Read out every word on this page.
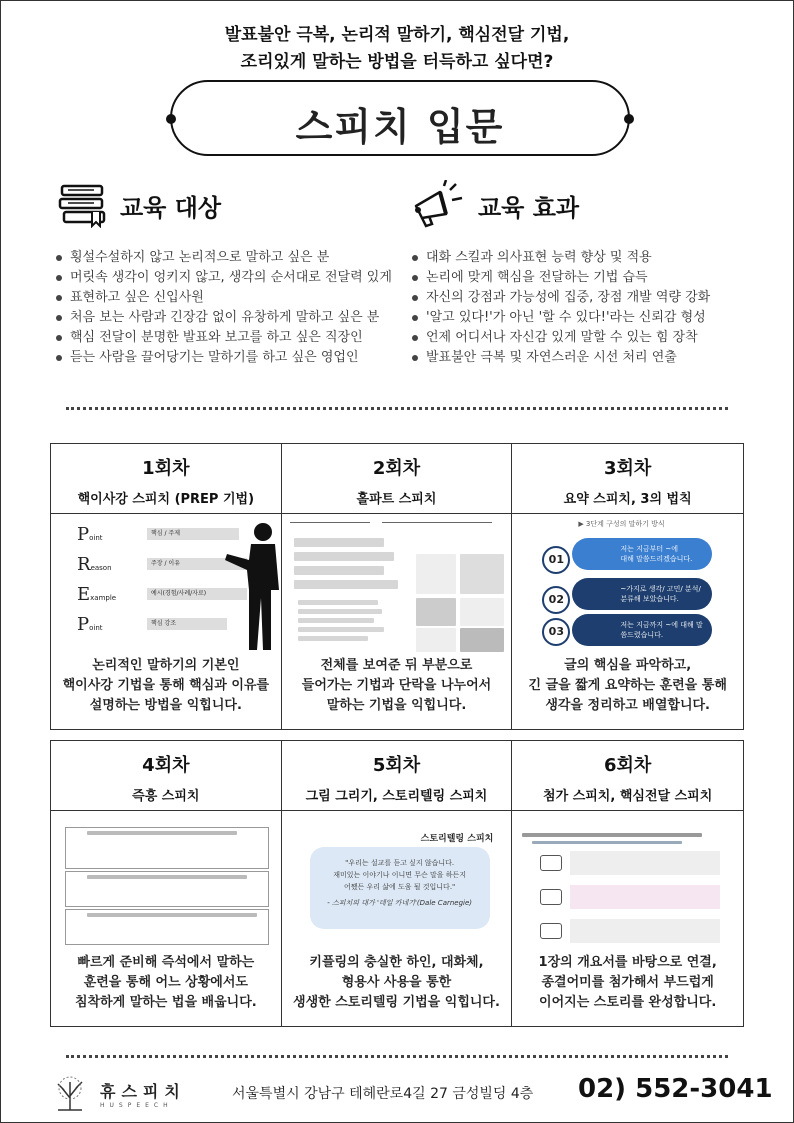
발표불안 극복, 논리적 말하기, 핵심전달 기법,
조리있게 말하는 방법을 터득하고 싶다면?
스피치 입문
교육 대상
횡설수설하지 않고 논리적으로 말하고 싶은 분
머릿속 생각이 엉키지 않고, 생각의 순서대로 전달력 있게
표현하고 싶은 신입사원
처음 보는 사람과 긴장감 없이 유창하게 말하고 싶은 분
핵심 전달이 분명한 발표와 보고를 하고 싶은 직장인
듣는 사람을 끌어당기는 말하기를 하고 싶은 영업인
교육 효과
대화 스킬과 의사표현 능력 향상 및 적용
논리에 맞게 핵심을 전달하는 기법 습득
자신의 강점과 가능성에 집중, 장점 개발 역량 강화
'알고 있다!'가 아닌 '할 수 있다!'라는 신뢰감 형성
언제 어디서나 자신감 있게 말할 수 있는 힘 장착
발표불안 극복 및 자연스러운 시선 처리 연출
1회차
핵이사강 스피치 (PREP 기법)
Point
핵심 / 주제
Reason
주장 / 이유
Example
예시(경험/사례/자료)
Point
핵심 강조
논리적인 말하기의 기본인
핵이사강 기법을 통해 핵심과 이유를
설명하는 방법을 익힙니다.
2회차
홀파트 스피치
전체를 보여준 뒤 부분으로
들어가는 기법과 단락을 나누어서
말하는 기법을 익힙니다.
3회차
요약 스피치, 3의 법칙
▶ 3단계 구성의 말하기 방식
01
저는 지금부터 ~에
대해 말씀드리겠습니다.
02
~가지로 생각/ 고민/ 분석/
분류해 보았습니다.
03	저는 지금까지 ~에 대해 말
씀드렸습니다.
글의 핵심을 파악하고,
긴 글을 짧게 요약하는 훈련을 통해
생각을 정리하고 배열합니다.
4회차
즉흥 스피치
빠르게 준비해 즉석에서 말하는
훈련을 통해 어느 상황에서도
침착하게 말하는 법을 배웁니다.
5회차
그림 그리기, 스토리텔링 스피치
스토리텔링 스피치
"우리는 설교를 듣고 싶지 않습니다.
재미있는 이야기나 이니면 무슨 말을 하든지
어쨌든 우리 삶에 도움 될 것입니다."
- 스피치의 대가 '데일 카네기'(Dale Carnegie)
키플링의 충실한 하인, 대화체,
형용사 사용을 통한
생생한 스토리텔링 기법을 익힙니다.
6회차
첨가 스피치, 핵심전달 스피치
1장의 개요서를 바탕으로 연결,
종결어미를 첨가해서 부드럽게
이어지는 스토리를 완성합니다.
휴스피치
HUSPEECH
서울특별시 강남구 테헤란로4길 27 금성빌딩 4층 02) 552-3041
